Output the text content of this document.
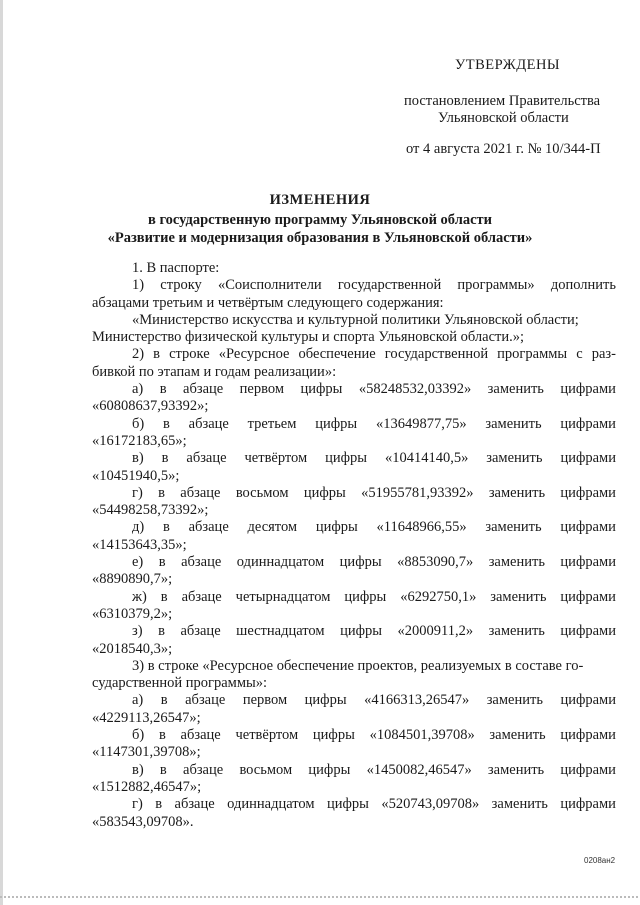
УТВЕРЖДЕНЫ
постановлением Правительства
Ульяновской области
от 4 августа 2021 г. № 10/344-П
ИЗМЕНЕНИЯ
в государственную программу Ульяновской области
«Развитие и модернизация образования в Ульяновской области»
1. В паспорте:
1) строку «Соисполнители государственной программы» дополнить
абзацами третьим и четвёртым следующего содержания:
«Министерство искусства и культурной политики Ульяновской области;
Министерство физической культуры и спорта Ульяновской области.»;
2) в строке «Ресурсное обеспечение государственной программы с раз-
бивкой по этапам и годам реализации»:
а) в абзаце первом цифры «58248532,03392» заменить цифрами
«60808637,93392»;
б) в абзаце третьем цифры «13649877,75» заменить цифрами
«16172183,65»;
в) в абзаце четвёртом цифры «10414140,5» заменить цифрами
«10451940,5»;
г) в абзаце восьмом цифры «51955781,93392» заменить цифрами
«54498258,73392»;
д) в абзаце десятом цифры «11648966,55» заменить цифрами
«14153643,35»;
е) в абзаце одиннадцатом цифры «8853090,7» заменить цифрами
«8890890,7»;
ж) в абзаце четырнадцатом цифры «6292750,1» заменить цифрами
«6310379,2»;
з) в абзаце шестнадцатом цифры «2000911,2» заменить цифрами
«2018540,3»;
3) в строке «Ресурсное обеспечение проектов, реализуемых в составе го-
сударственной программы»:
а) в абзаце первом цифры «4166313,26547» заменить цифрами
«4229113,26547»;
б) в абзаце четвёртом цифры «1084501,39708» заменить цифрами
«1147301,39708»;
в) в абзаце восьмом цифры «1450082,46547» заменить цифрами
«1512882,46547»;
г) в абзаце одиннадцатом цифры «520743,09708» заменить цифрами
«583543,09708».
0208ан2
